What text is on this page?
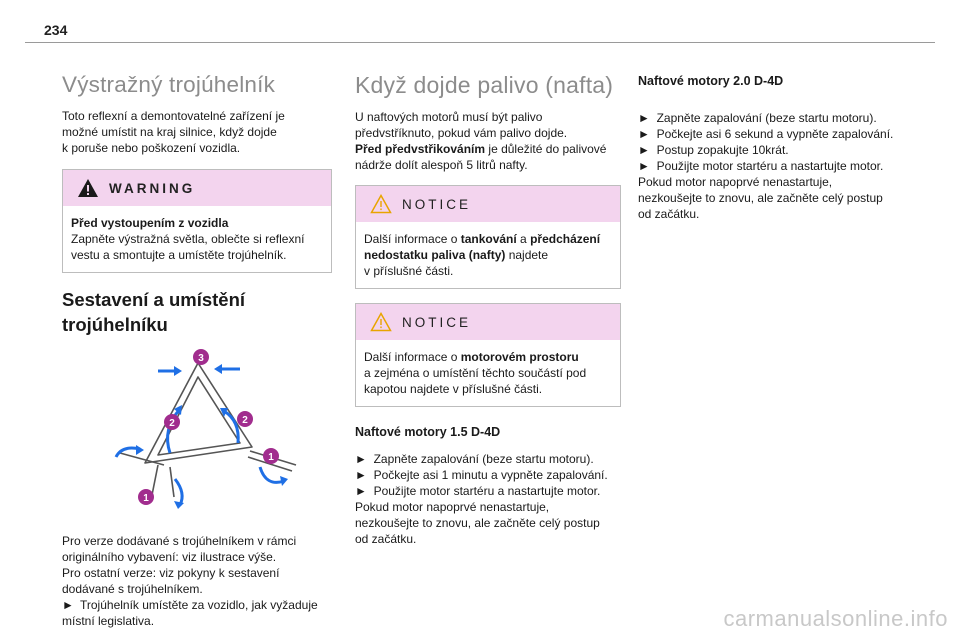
234
Výstražný trojúhelník

Toto reflexní a demontovatelné zařízení je
možné umístit na kraj silnice, když dojde
k poruše nebo poškození vozidla.

WARNING
Před vystoupením z vozidla
Zapněte výstražná světla, oblečte si reflexní
vestu a smontujte a umístěte trojúhelník.
Sestavení a umístění
trojúhelníku
3
2	2
1
1

Pro verze dodávané s trojúhelníkem v rámci
originálního vybavení: viz ilustrace výše.
Pro ostatní verze: viz pokyny k sestavení
dodávané s trojúhelníkem.

► Trojúhelník umístěte za vozidlo, jak vyžaduje

místní legislativa.

Když dojde palivo (nafta)

U naftových motorů musí být palivo
předvstříknuto, pokud vám palivo dojde.
Před předvstřikováním je důležité do palivové
nádrže dolít alespoň 5 litrů nafty.

NOTICE
Další informace o tankování a předcházení
nedostatku paliva (nafty) najdete
v příslušné části.
NOTICE
Další informace o motorovém prostoru
a zejména o umístění těchto součástí pod
kapotou najdete v příslušné části.
Naftové motory 1.5 D-4D

► Zapněte zapalování (beze startu motoru).
► Počkejte asi 1 minutu a vypněte zapalování.
► Použijte motor startéru a nastartujte motor.
Pokud motor napoprvé nenastartuje,
nezkoušejte to znovu, ale začněte celý postup
od začátku.

Naftové motory 2.0 D-4D

► Zapněte zapalování (beze startu motoru).
► Počkejte asi 6 sekund a vypněte zapalování.
► Postup zopakujte 10krát.
► Použijte motor startéru a nastartujte motor.
Pokud motor napoprvé nenastartuje,
nezkoušejte to znovu, ale začněte celý postup
od začátku.

carmanualsonline.info
